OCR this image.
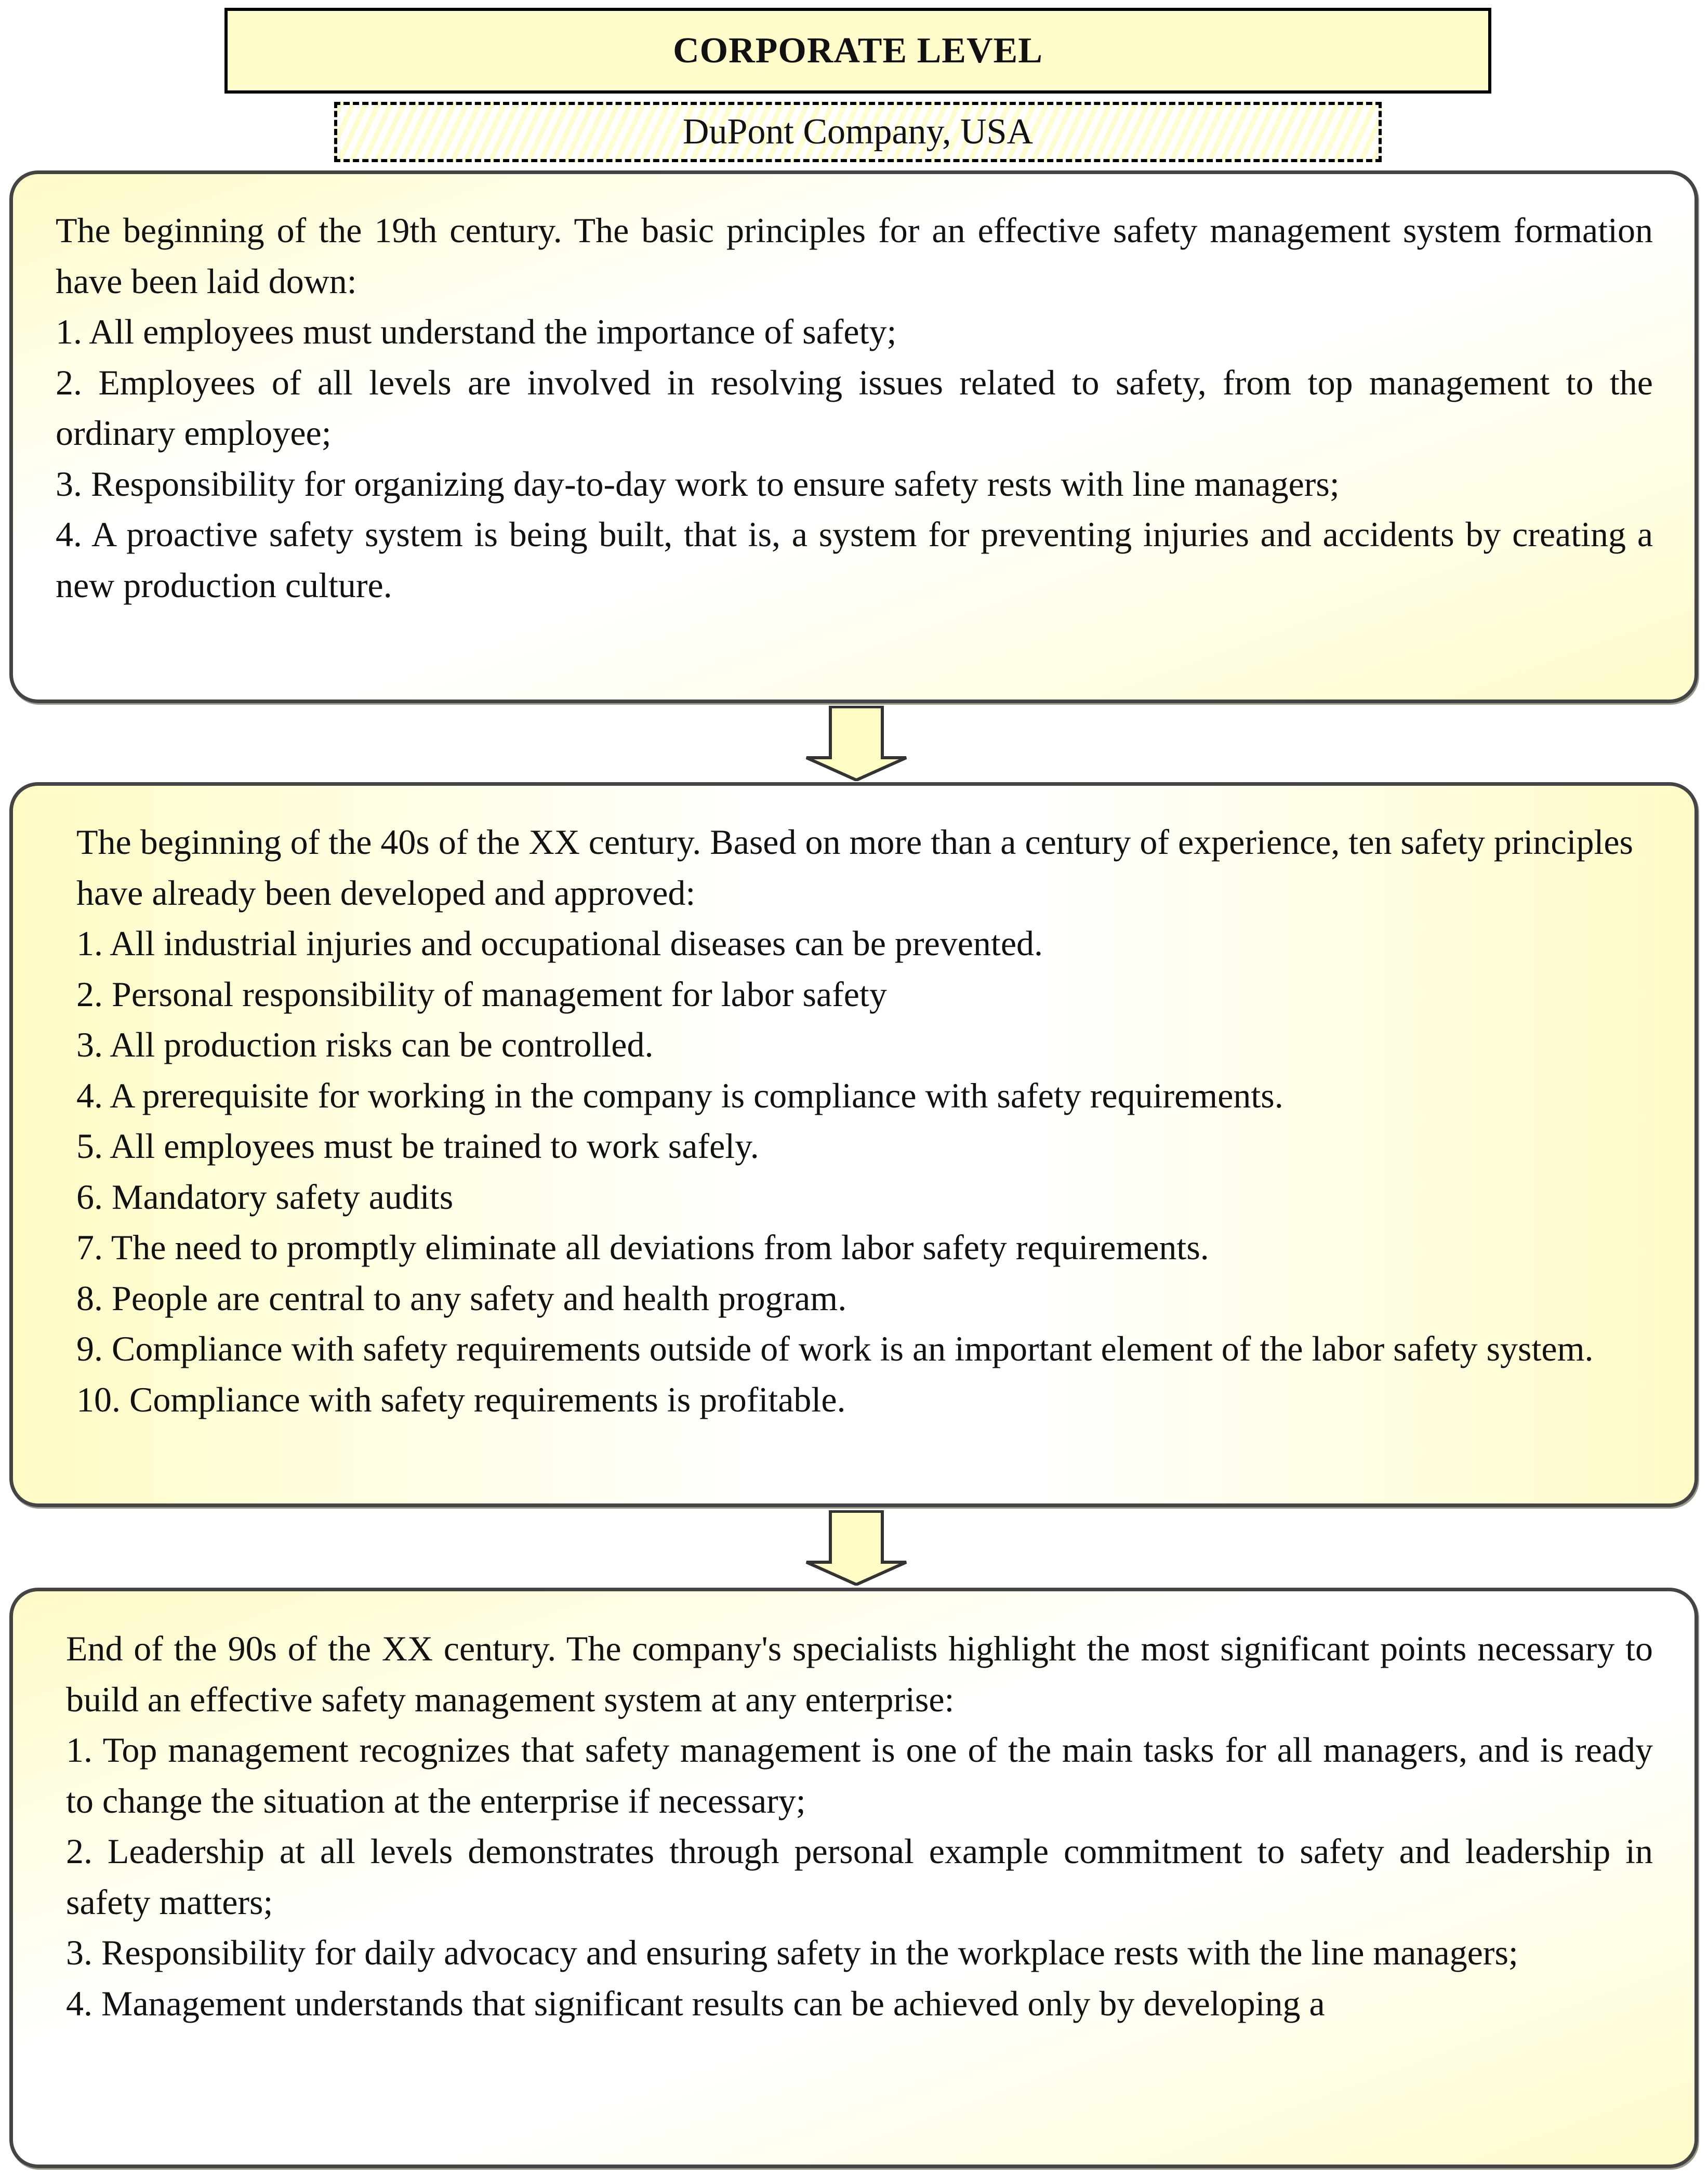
CORPORATE LEVEL
DuPont Company, USA

The beginning of the 19th century. The basic principles for an effective safety management system formation have been laid down:

1. All employees must understand the importance of safety;

2. Employees of all levels are involved in resolving issues related to safety, from top management to the ordinary employee;

3. Responsibility for organizing day-to-day work to ensure safety rests with line managers;

4. A proactive safety system is being built, that is, a system for preventing injuries and accidents by creating a new production culture.

The beginning of the 40s of the XX century. Based on more than a century of experience, ten safety principles have already been developed and approved:

1. All industrial injuries and occupational diseases can be prevented.

2. Personal responsibility of management for labor safety

3. All production risks can be controlled.

4. A prerequisite for working in the company is compliance with safety requirements.

5. All employees must be trained to work safely.

6. Mandatory safety audits

7. The need to promptly eliminate all deviations from labor safety requirements.

8. People are central to any safety and health program.

9. Compliance with safety requirements outside of work is an important element of the labor safety system.

10. Compliance with safety requirements is profitable.

End of the 90s of the XX century. The company's specialists highlight the most significant points necessary to build an effective safety management system at any enterprise:

1. Top management recognizes that safety management is one of the main tasks for all managers, and is ready to change the situation at the enterprise if necessary;

2. Leadership at all levels demonstrates through personal example commitment to safety and leadership in safety matters;

3. Responsibility for daily advocacy and ensuring safety in the workplace rests with the line managers;

4. Management understands that significant results can be achieved only by developing a
